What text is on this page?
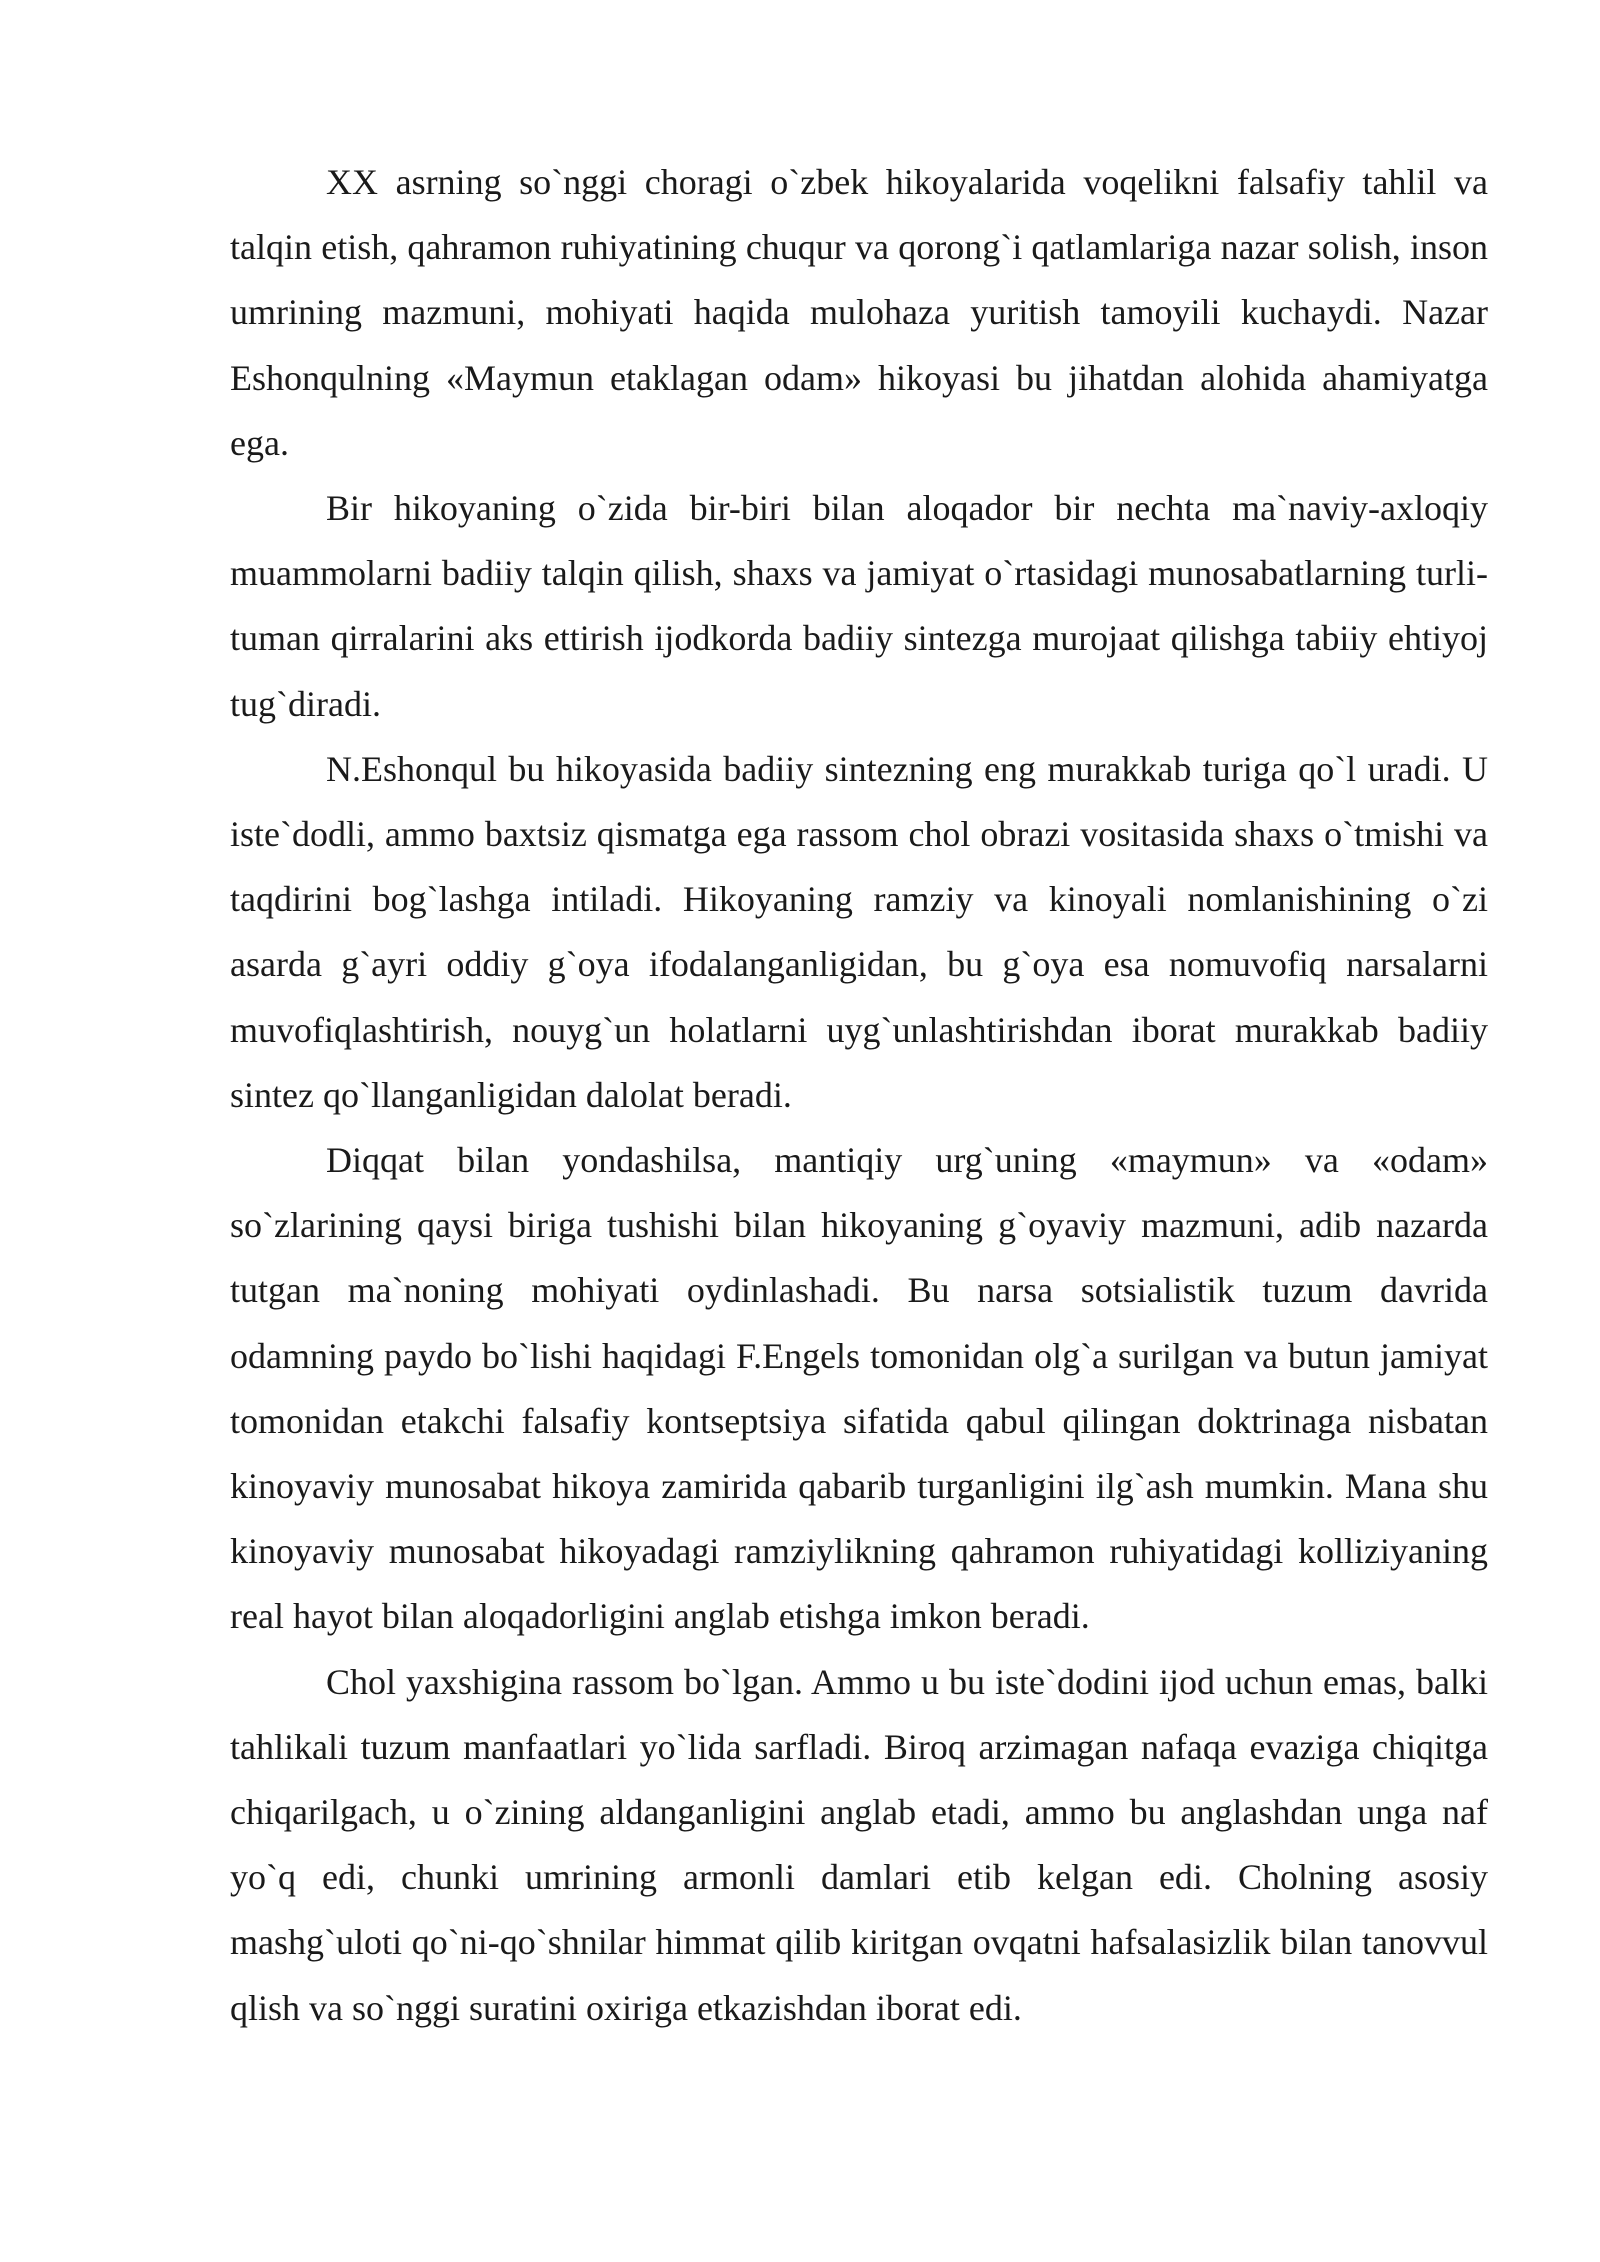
XX asrning so`nggi choragi o`zbek hikoyalarida voqelikni falsafiy tahlil va talqin etish, qahramon ruhiyatining chuqur va qorong`i qatlamlariga nazar solish, inson umrining mazmuni, mohiyati haqida mulohaza yuritish tamoyili kuchaydi. Nazar Eshonqulning «Maymun etaklagan odam» hikoyasi bu jihatdan alohida ahamiyatga ega.

Bir hikoyaning o`zida bir-biri bilan aloqador bir nechta ma`naviy-axloqiy muammolarni badiiy talqin qilish, shaxs va jamiyat o`rtasidagi munosabatlarning turli-tuman qirralarini aks ettirish ijodkorda badiiy sintezga murojaat qilishga tabiiy ehtiyoj tug`diradi.

N.Eshonqul bu hikoyasida badiiy sintezning eng murakkab turiga qo`l uradi. U iste`dodli, ammo baxtsiz qismatga ega rassom chol obrazi vositasida shaxs o`tmishi va taqdirini bog`lashga intiladi. Hikoyaning ramziy va kinoyali nomlanishining o`zi asarda g`ayri oddiy g`oya ifodalanganligidan, bu g`oya esa nomuvofiq narsalarni muvofiqlashtirish, nouyg`un holatlarni uyg`unlashtirishdan iborat murakkab badiiy sintez qo`llanganligidan dalolat beradi.

Diqqat bilan yondashilsa, mantiqiy urg`uning «maymun» va «odam» so`zlarining qaysi biriga tushishi bilan hikoyaning g`oyaviy mazmuni, adib nazarda tutgan ma`noning mohiyati oydinlashadi. Bu narsa sotsialistik tuzum davrida odamning paydo bo`lishi haqidagi F.Engels tomonidan olg`a surilgan va butun jamiyat tomonidan etakchi falsafiy kontseptsiya sifatida qabul qilingan doktrinaga nisbatan kinoyaviy munosabat hikoya zamirida qabarib turganligini ilg`ash mumkin. Mana shu kinoyaviy munosabat hikoyadagi ramziylikning qahramon ruhiyatidagi kolliziyaning real hayot bilan aloqadorligini anglab etishga imkon beradi.

Chol yaxshigina rassom bo`lgan. Ammo u bu iste`dodini ijod uchun emas, balki tahlikali tuzum manfaatlari yo`lida sarfladi. Biroq arzimagan nafaqa evaziga chiqitga chiqarilgach, u o`zining aldanganligini anglab etadi, ammo bu anglashdan unga naf yo`q edi, chunki umrining armonli damlari etib kelgan edi. Cholning asosiy mashg`uloti qo`ni-qo`shnilar himmat qilib kiritgan ovqatni hafsalasizlik bilan tanovvul qlish va so`nggi suratini oxiriga etkazishdan iborat edi.
